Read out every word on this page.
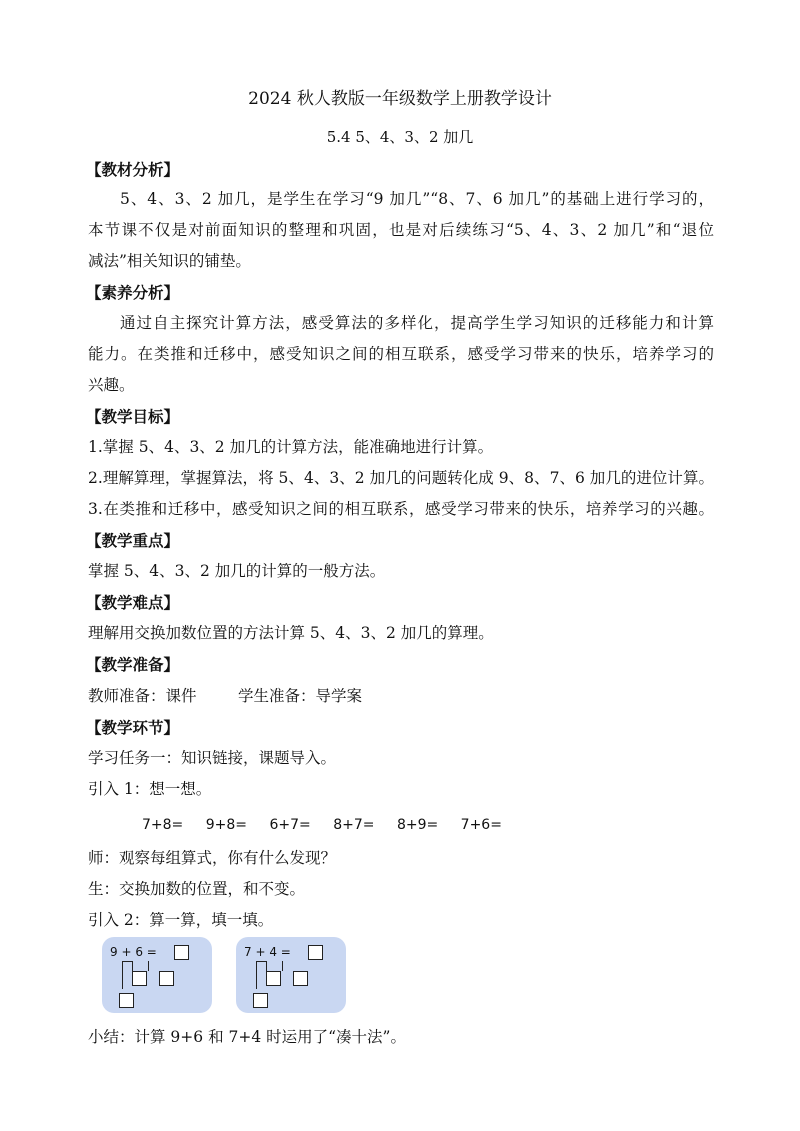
2024 秋人教版一年级数学上册教学设计
5.4 5、4、3、2 加几
【教材分析】
5、4、3、2 加几，是学生在学习“9 加几”“8、7、6 加几”的基础上进行学习的，
本节课不仅是对前面知识的整理和巩固，也是对后续练习“5、4、3、2 加几”和“退位
减法”相关知识的铺垫。
【素养分析】
通过自主探究计算方法，感受算法的多样化，提高学生学习知识的迁移能力和计算
能力。在类推和迁移中，感受知识之间的相互联系，感受学习带来的快乐，培养学习的
兴趣。
【教学目标】
1.掌握 5、4、3、2 加几的计算方法，能准确地进行计算。
2.理解算理，掌握算法，将 5、4、3、2 加几的问题转化成 9、8、7、6 加几的进位计算。
3.在类推和迁移中，感受知识之间的相互联系，感受学习带来的快乐，培养学习的兴趣。
【教学重点】
掌握 5、4、3、2 加几的计算的一般方法。
【教学难点】
理解用交换加数位置的方法计算 5、4、3、2 加几的算理。
【教学准备】
教师准备：课件	学生准备：导学案
【教学环节】
学习任务一：知识链接，课题导入。
引入 1：想一想。
7+8= 9+8= 6+7= 8+7= 8+9= 7+6=
师：观察每组算式，你有什么发现？
生：交换加数的位置，和不变。
引入 2：算一算，填一填。
9 + 6 =	7 + 4 =
小结：计算 9+6 和 7+4 时运用了“凑十法”。
